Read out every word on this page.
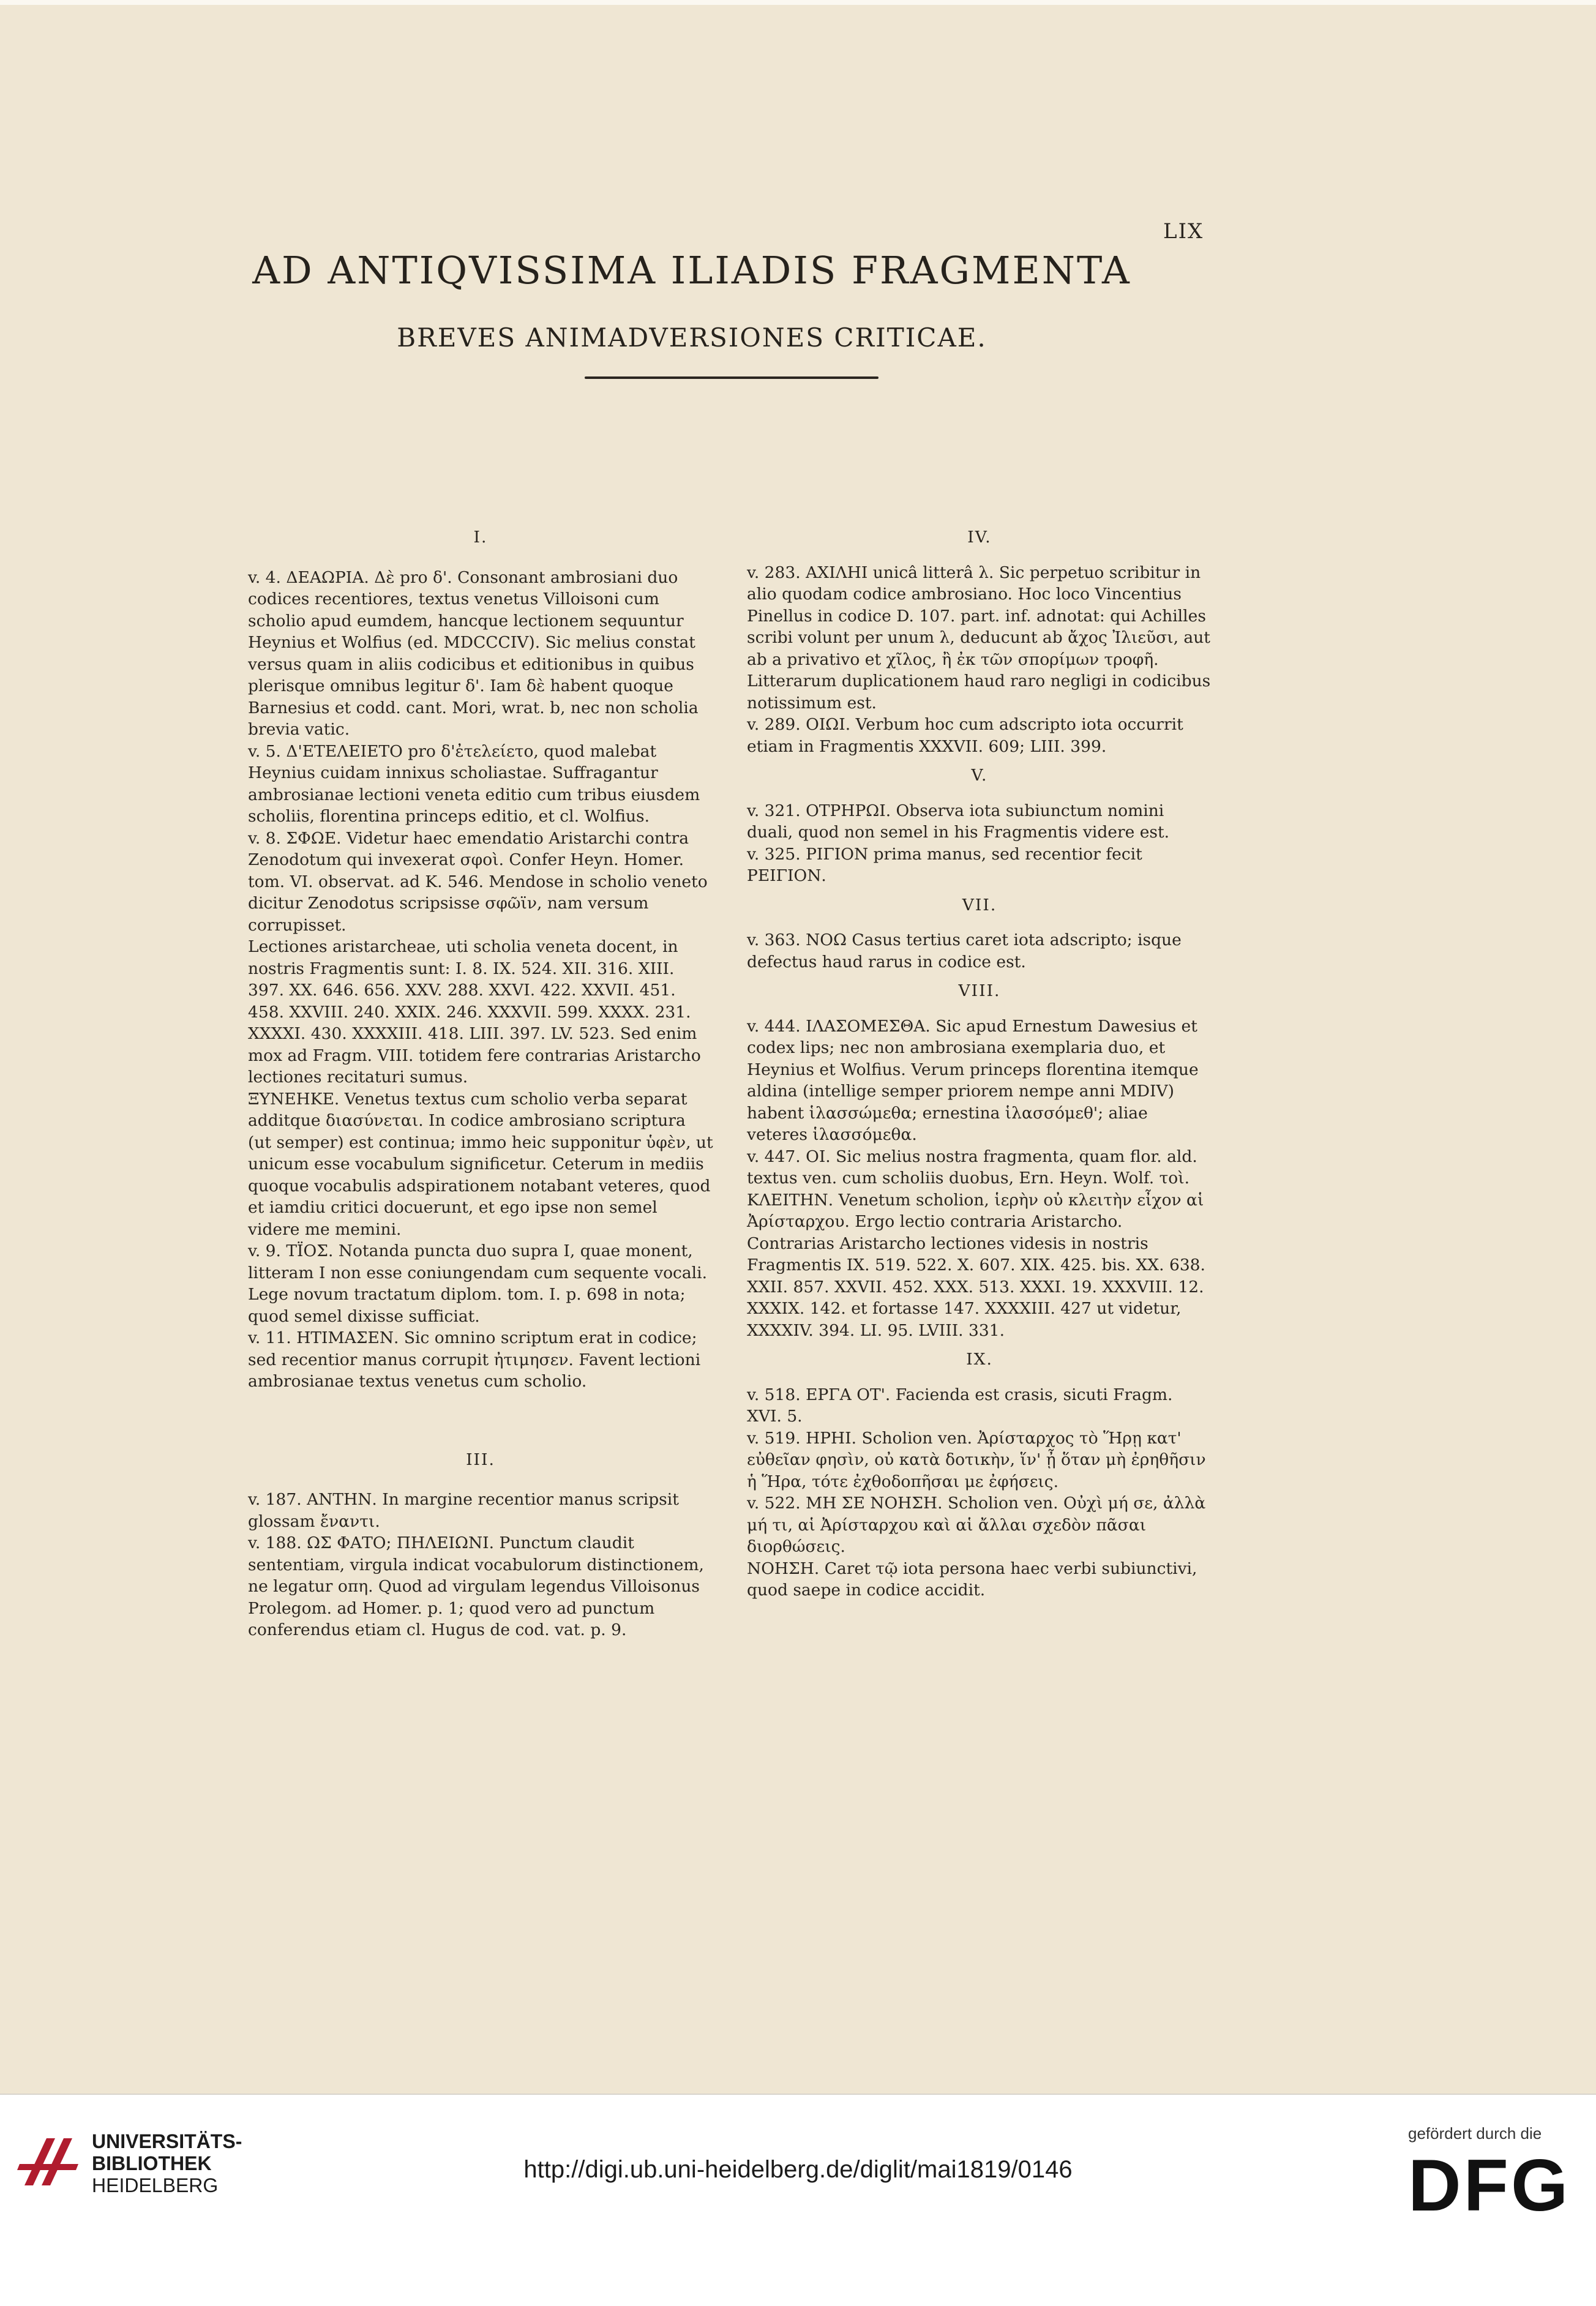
LIX
AD ANTIQVISSIMA ILIADIS FRAGMENTA
BREVES ANIMADVERSIONES CRITICAE.

I.

v. 4. ΔΕΑΩΡΙΑ. Δὲ pro δ'. Consonant ambrosiani duo codices recentiores, textus venetus Villoisoni cum scholio apud eumdem, hancque lectionem sequuntur Heynius et Wolfius (ed. MDCCCIV). Sic melius constat versus quam in aliis codicibus et editionibus in quibus plerisque omnibus legitur δ'. Iam δὲ habent quoque Barnesius et codd. cant. Mori, wrat. b, nec non scholia brevia vatic.

v. 5. Δ'ΕΤΕΛΕΙΕΤΟ pro δ'ἐτελείετο, quod malebat Heynius cuidam innixus scholiastae. Suffragantur ambrosianae lectioni veneta editio cum tribus eiusdem scholiis, florentina princeps editio, et cl. Wolfius.

v. 8. ΣΦΩΕ. Videtur haec emendatio Aristarchi contra Zenodotum qui invexerat σφοὶ. Confer Heyn. Homer. tom. VI. observat. ad K. 546. Mendose in scholio veneto dicitur Zenodotus scripsisse σφῶϊν, nam versum corrupisset.

Lectiones aristarcheae, uti scholia veneta docent, in nostris Fragmentis sunt: I. 8. IX. 524. XII. 316. XIII. 397. XX. 646. 656. XXV. 288. XXVI. 422. XXVII. 451. 458. XXVIII. 240. XXIX. 246. XXXVII. 599. XXXX. 231. XXXXI. 430. XXXXIII. 418. LIII. 397. LV. 523. Sed enim mox ad Fragm. VIII. totidem fere contrarias Aristarcho lectiones recitaturi sumus.

ΞΥΝΕΗΚΕ. Venetus textus cum scholio verba separat additque διασύνεται. In codice ambrosiano scriptura (ut semper) est continua; immo heic supponitur ὑφὲν, ut unicum esse vocabulum significetur. Ceterum in mediis quoque vocabulis adspirationem notabant veteres, quod et iamdiu critici docuerunt, et ego ipse non semel videre me memini.

v. 9. ΤΪΟΣ. Notanda puncta duo supra I, quae monent, litteram I non esse coniungendam cum sequente vocali. Lege novum tractatum diplom. tom. I. p. 698 in nota; quod semel dixisse sufficiat.

v. 11. ΗΤΙΜΑΣΕΝ. Sic omnino scriptum erat in codice; sed recentior manus corrupit ἠτιμησεν. Favent lectioni ambrosianae textus venetus cum scholio.

III.

v. 187. ΑΝΤΗΝ. In margine recentior manus scripsit glossam ἔναντι.

v. 188. ΩΣ ΦΑΤΟ; ΠΗΛΕΙΩΝΙ. Punctum claudit sententiam, virgula indicat vocabulorum distinctionem, ne legatur οπη. Quod ad virgulam legendus Villoisonus Prolegom. ad Homer. p. 1; quod vero ad punctum conferendus etiam cl. Hugus de cod. vat. p. 9.

IV.

v. 283. ΑΧΙΛΗΙ unicâ litterâ λ. Sic perpetuo scribitur in alio quodam codice ambrosiano. Hoc loco Vincentius Pinellus in codice D. 107. part. inf. adnotat: qui Achilles scribi volunt per unum λ, deducunt ab ἄχος Ἰλιεῦσι, aut ab a privativo et χῖλος, ἢ ἐκ τῶν σπορίμων τροφῆ. Litterarum duplicationem haud raro negligi in codicibus notissimum est.

v. 289. ΟΙΩΙ. Verbum hoc cum adscripto iota occurrit etiam in Fragmentis XXXVII. 609; LIII. 399.

V.

v. 321. ΟΤΡΗΡΩΙ. Observa iota subiunctum nomini duali, quod non semel in his Fragmentis videre est.

v. 325. ΡΙΓΙΟΝ prima manus, sed recentior fecit ΡΕΙΓΙΟΝ.

VII.

v. 363. ΝΟΩ Casus tertius caret iota adscripto; isque defectus haud rarus in codice est.

VIII.

v. 444. ΙΛΑΣΟΜΕΣΘΑ. Sic apud Ernestum Dawesius et codex lips; nec non ambrosiana exemplaria duo, et Heynius et Wolfius. Verum princeps florentina itemque aldina (intellige semper priorem nempe anni MDIV) habent ἱλασσώμεθα; ernestina ἱλασσόμεθ'; aliae veteres ἱλασσόμεθα.

v. 447. ΟΙ. Sic melius nostra fragmenta, quam flor. ald. textus ven. cum scholiis duobus, Ern. Heyn. Wolf. τοὶ.

ΚΛΕΙΤΗΝ. Venetum scholion, ἱερὴν οὐ κλειτὴν εἶχον αἱ Ἀρίσταρχου. Ergo lectio contraria Aristarcho. Contrarias Aristarcho lectiones videsis in nostris Fragmentis IX. 519. 522. X. 607. XIX. 425. bis. XX. 638. XXII. 857. XXVII. 452. XXX. 513. XXXI. 19. XXXVIII. 12. XXXIX. 142. et fortasse 147. XXXXIII. 427 ut videtur, XXXXIV. 394. LI. 95. LVIII. 331.

IX.

v. 518. ΕΡΓΑ ΟΤ'. Facienda est crasis, sicuti Fragm. XVI. 5.

v. 519. ΗΡΗΙ. Scholion ven. Ἀρίσταρχος τὸ Ἥρῃ κατ' εὐθεῖαν φησὶν, οὐ κατὰ δοτικὴν, ἵν' ᾖ ὅταν μὴ ἐρηθῆσιν ἡ Ἥρα, τότε ἐχθοδοπῆσαι με ἐφήσεις.

v. 522. ΜΗ ΣΕ ΝΟΗΣΗ. Scholion ven. Οὐχὶ μή σε, ἀλλὰ μή τι, αἱ Ἀρίσταρχου καὶ αἱ ἄλλαι σχεδὸν πᾶσαι διορθώσεις.

ΝΟΗΣΗ. Caret τῷ iota persona haec verbi subiunctivi, quod saepe in codice accidit.

UNIVERSITÄTS-
BIBLIOTHEK
HEIDELBERG
http://digi.ub.uni-heidelberg.de/diglit/mai1819/0146
gefördert durch die
DFG
